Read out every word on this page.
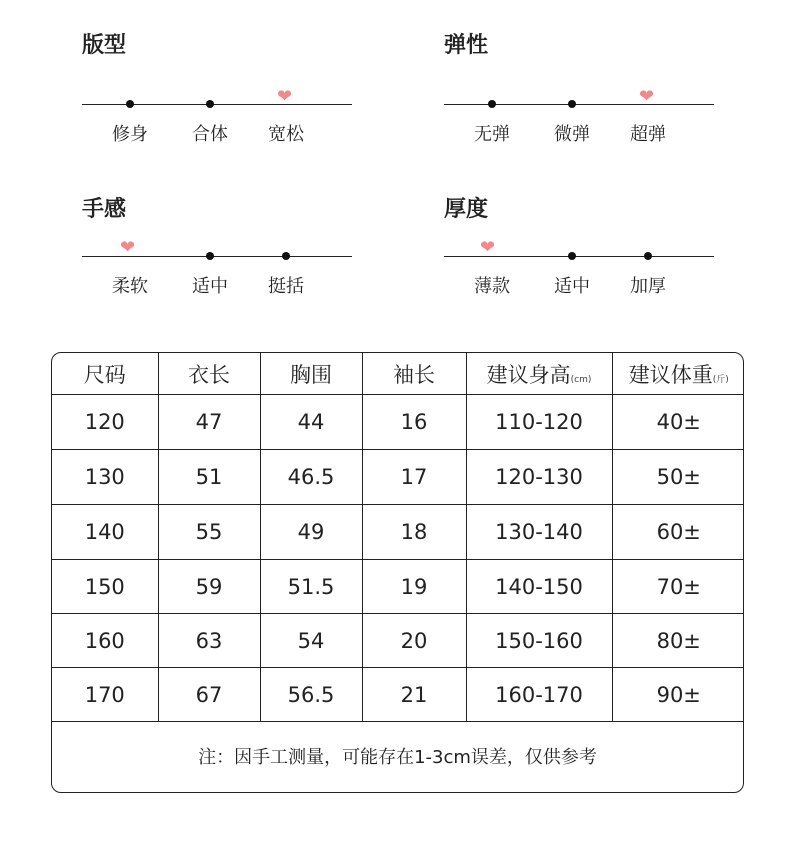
版型
❤
修身 合体 宽松
弹性
❤
无弹 微弹 超弹
手感
❤
柔软 适中 挺括
厚度
❤
薄款 适中 加厚
尺码	衣长	胸围	袖长	建议身高(cm)	建议体重(斤)
120	47	44	16	110-120	40±
130	51	46.5	17	120-130	50±
140	55	49	18	130-140	60±
150	59	51.5	19	140-150	70±
160	63	54	20	150-160	80±
170	67	56.5	21	160-170	90±
注：因手工测量，可能存在1-3cm误差，仅供参考
